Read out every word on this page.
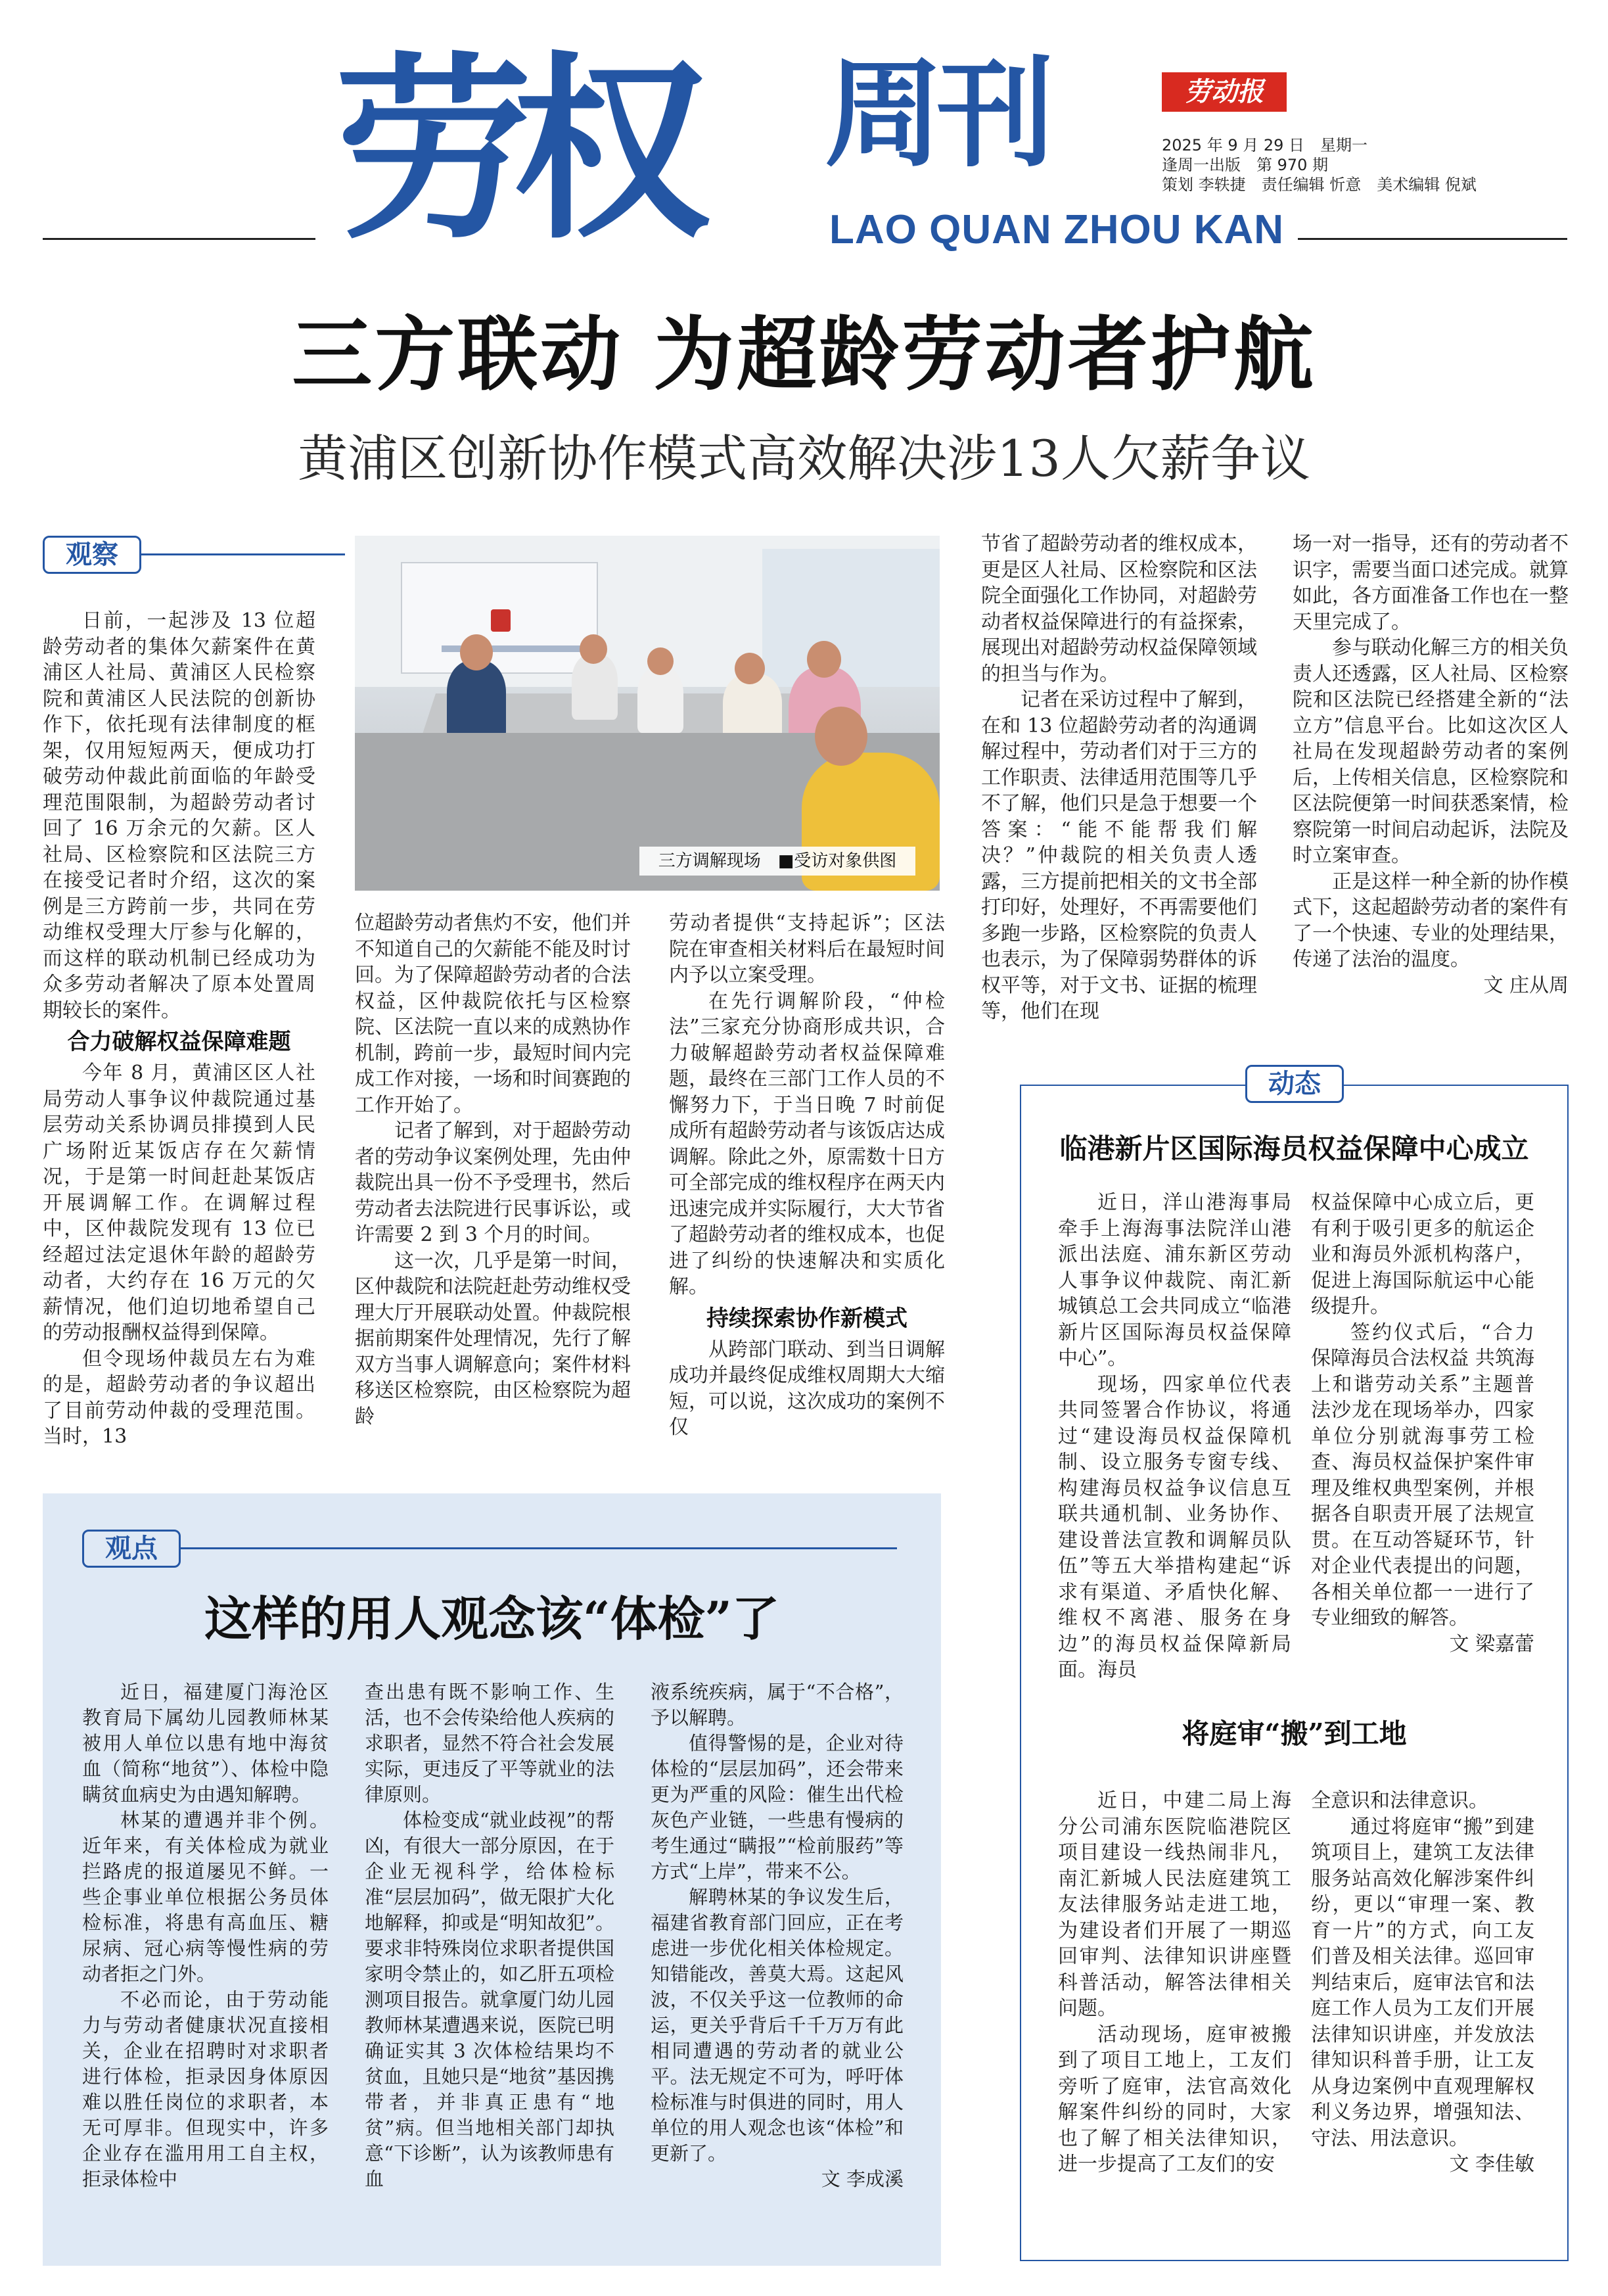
劳权	周刊
LAO QUAN ZHOU KAN
劳动报
2025 年 9 月 29 日　星期一
逢周一出版　第 970 期
策划 李轶捷　责任编辑 忻意　美术编辑 倪斌
三方联动 为超龄劳动者护航
黄浦区创新协作模式高效解决涉13人欠薪争议
观察
三方调解现场　■受访对象供图

日前，一起涉及 13 位超龄劳动者的集体欠薪案件在黄浦区人社局、黄浦区人民检察院和黄浦区人民法院的创新协作下，依托现有法律制度的框架，仅用短短两天，便成功打破劳动仲裁此前面临的年龄受理范围限制，为超龄劳动者讨回了 16 万余元的欠薪。区人社局、区检察院和区法院三方在接受记者时介绍，这次的案例是三方跨前一步，共同在劳动维权受理大厅参与化解的，而这样的联动机制已经成功为众多劳动者解决了原本处置周期较长的案件。

合力破解权益保障难题

今年 8 月，黄浦区区人社局劳动人事争议仲裁院通过基层劳动关系协调员排摸到人民广场附近某饭店存在欠薪情况，于是第一时间赶赴某饭店开展调解工作。在调解过程中，区仲裁院发现有 13 位已经超过法定退休年龄的超龄劳动者，大约存在 16 万元的欠薪情况，他们迫切地希望自己的劳动报酬权益得到保障。

但令现场仲裁员左右为难的是，超龄劳动者的争议超出了目前劳动仲裁的受理范围。当时，13

位超龄劳动者焦灼不安，他们并不知道自己的欠薪能不能及时讨回。为了保障超龄劳动者的合法权益，区仲裁院依托与区检察院、区法院一直以来的成熟协作机制，跨前一步，最短时间内完成工作对接，一场和时间赛跑的工作开始了。

记者了解到，对于超龄劳动者的劳动争议案例处理，先由仲裁院出具一份不予受理书，然后劳动者去法院进行民事诉讼，或许需要 2 到 3 个月的时间。

这一次，几乎是第一时间，区仲裁院和法院赶赴劳动维权受理大厅开展联动处置。仲裁院根据前期案件处理情况，先行了解双方当事人调解意向；案件材料移送区检察院，由区检察院为超龄

劳动者提供“支持起诉”；区法院在审查相关材料后在最短时间内予以立案受理。

在先行调解阶段，“仲检法”三家充分协商形成共识，合力破解超龄劳动者权益保障难题，最终在三部门工作人员的不懈努力下，于当日晚 7 时前促成所有超龄劳动者与该饭店达成调解。除此之外，原需数十日方可全部完成的维权程序在两天内迅速完成并实际履行，大大节省了超龄劳动者的维权成本，也促进了纠纷的快速解决和实质化解。

持续探索协作新模式

从跨部门联动、到当日调解成功并最终促成维权周期大大缩短，可以说，这次成功的案例不仅

节省了超龄劳动者的维权成本，更是区人社局、区检察院和区法院全面强化工作协同，对超龄劳动者权益保障进行的有益探索，展现出对超龄劳动权益保障领域的担当与作为。

记者在采访过程中了解到，在和 13 位超龄劳动者的沟通调解过程中，劳动者们对于三方的工作职责、法律适用范围等几乎不了解，他们只是急于想要一个答案：“能不能帮我们解决？”仲裁院的相关负责人透露，三方提前把相关的文书全部打印好，处理好，不再需要他们多跑一步路，区检察院的负责人也表示，为了保障弱势群体的诉权平等，对于文书、证据的梳理等，他们在现

场一对一指导，还有的劳动者不识字，需要当面口述完成。就算如此，各方面准备工作也在一整天里完成了。

参与联动化解三方的相关负责人还透露，区人社局、区检察院和区法院已经搭建全新的“法立方”信息平台。比如这次区人社局在发现超龄劳动者的案例后，上传相关信息，区检察院和区法院便第一时间获悉案情，检察院第一时间启动起诉，法院及时立案审查。

正是这样一种全新的协作模式下，这起超龄劳动者的案件有了一个快速、专业的处理结果，传递了法治的温度。

文 庄从周

动态
临港新片区国际海员权益保障中心成立

近日，洋山港海事局牵手上海海事法院洋山港派出法庭、浦东新区劳动人事争议仲裁院、南汇新城镇总工会共同成立“临港新片区国际海员权益保障中心”。

现场，四家单位代表共同签署合作协议，将通过“建设海员权益保障机制、设立服务专窗专线、构建海员权益争议信息互联共通机制、业务协作、建设普法宣教和调解员队伍”等五大举措构建起“诉求有渠道、矛盾快化解、维权不离港、服务在身边”的海员权益保障新局面。海员

权益保障中心成立后，更有利于吸引更多的航运企业和海员外派机构落户，促进上海国际航运中心能级提升。

签约仪式后，“合力保障海员合法权益 共筑海上和谐劳动关系”主题普法沙龙在现场举办，四家单位分别就海事劳工检查、海员权益保护案件审理及维权典型案例，并根据各自职责开展了法规宣贯。在互动答疑环节，针对企业代表提出的问题，各相关单位都一一进行了专业细致的解答。

文 梁嘉蕾

将庭审“搬”到工地

近日，中建二局上海分公司浦东医院临港院区项目建设一线热闹非凡，南汇新城人民法庭建筑工友法律服务站走进工地，为建设者们开展了一期巡回审判、法律知识讲座暨科普活动，解答法律相关问题。

活动现场，庭审被搬到了项目工地上，工友们旁听了庭审，法官高效化解案件纠纷的同时，大家也了解了相关法律知识，进一步提高了工友们的安

全意识和法律意识。

通过将庭审“搬”到建筑项目上，建筑工友法律服务站高效化解涉案件纠纷，更以“审理一案、教育一片”的方式，向工友们普及相关法律。巡回审判结束后，庭审法官和法庭工作人员为工友们开展法律知识讲座，并发放法律知识科普手册，让工友从身边案例中直观理解权利义务边界，增强知法、守法、用法意识。

文 李佳敏

观点
这样的用人观念该“体检”了

近日，福建厦门海沧区教育局下属幼儿园教师林某被用人单位以患有地中海贫血（简称“地贫”）、体检中隐瞒贫血病史为由遇知解聘。

林某的遭遇并非个例。近年来，有关体检成为就业拦路虎的报道屡见不鲜。一些企事业单位根据公务员体检标准，将患有高血压、糖尿病、冠心病等慢性病的劳动者拒之门外。

不必而论，由于劳动能力与劳动者健康状况直接相关，企业在招聘时对求职者进行体检，拒录因身体原因难以胜任岗位的求职者，本无可厚非。但现实中，许多企业存在滥用用工自主权，拒录体检中

查出患有既不影响工作、生活，也不会传染给他人疾病的求职者，显然不符合社会发展实际，更违反了平等就业的法律原则。

体检变成“就业歧视”的帮凶，有很大一部分原因，在于企业无视科学，给体检标准“层层加码”，做无限扩大化地解释，抑或是“明知故犯”。要求非特殊岗位求职者提供国家明令禁止的，如乙肝五项检测项目报告。就拿厦门幼儿园教师林某遭遇来说，医院已明确证实其 3 次体检结果均不贫血，且她只是“地贫”基因携带者，并非真正患有“地贫”病。但当地相关部门却执意“下诊断”，认为该教师患有血

液系统疾病，属于“不合格”，予以解聘。

值得警惕的是，企业对待体检的“层层加码”，还会带来更为严重的风险：催生出代检灰色产业链，一些患有慢病的考生通过“瞒报”“检前服药”等方式“上岸”，带来不公。

解聘林某的争议发生后，福建省教育部门回应，正在考虑进一步优化相关体检规定。知错能改，善莫大焉。这起风波，不仅关乎这一位教师的命运，更关乎背后千千万万有此相同遭遇的劳动者的就业公平。法无规定不可为，呼吁体检标准与时俱进的同时，用人单位的用人观念也该“体检”和更新了。

文 李成溪
